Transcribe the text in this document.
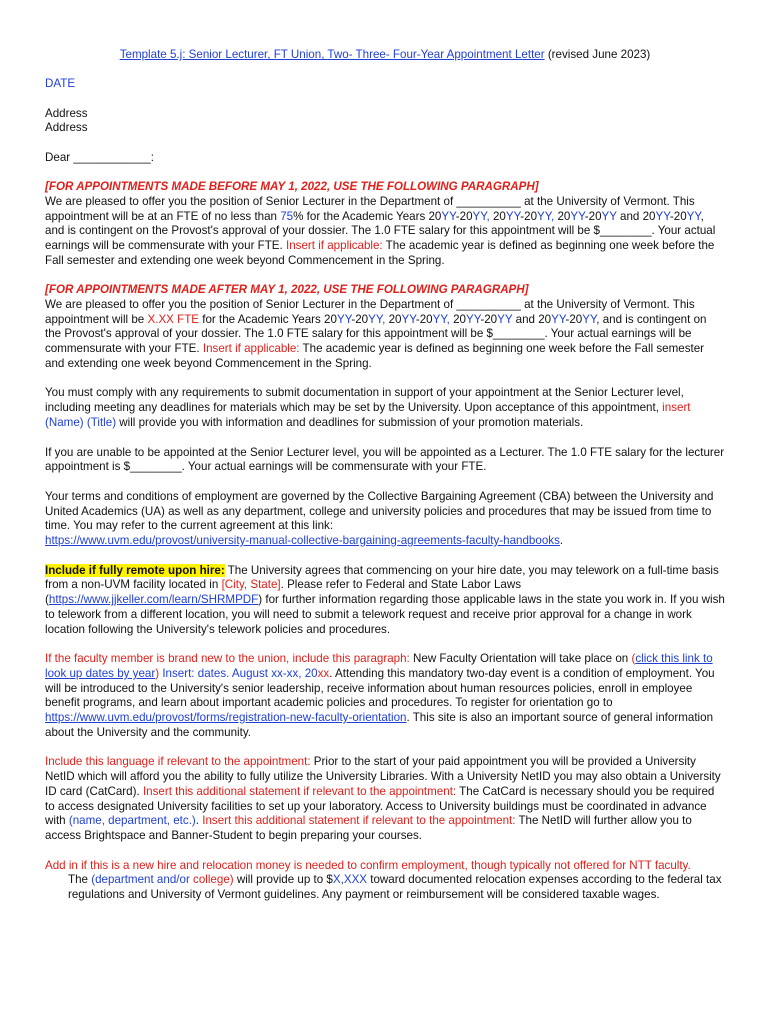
Template 5.j: Senior Lecturer, FT Union, Two- Three- Four-Year Appointment Letter (revised June 2023)

DATE

Address

Address

Dear ____________:

[FOR APPOINTMENTS MADE BEFORE MAY 1, 2022, USE THE FOLLOWING PARAGRAPH]

We are pleased to offer you the position of Senior Lecturer in the Department of __________ at the University of Vermont. This appointment will be at an FTE of no less than 75% for the Academic Years 20YY-20YY, 20YY-20YY, 20YY-20YY and 20YY-20YY, and is contingent on the Provost's approval of your dossier. The 1.0 FTE salary for this appointment will be $________. Your actual earnings will be commensurate with your FTE. Insert if applicable: The academic year is defined as beginning one week before the Fall semester and extending one week beyond Commencement in the Spring.

[FOR APPOINTMENTS MADE AFTER MAY 1, 2022, USE THE FOLLOWING PARAGRAPH]

We are pleased to offer you the position of Senior Lecturer in the Department of __________ at the University of Vermont. This appointment will be X.XX FTE for the Academic Years 20YY-20YY, 20YY-20YY, 20YY-20YY and 20YY-20YY, and is contingent on the Provost's approval of your dossier. The 1.0 FTE salary for this appointment will be $________. Your actual earnings will be commensurate with your FTE. Insert if applicable: The academic year is defined as beginning one week before the Fall semester and extending one week beyond Commencement in the Spring.

You must comply with any requirements to submit documentation in support of your appointment at the Senior Lecturer level, including meeting any deadlines for materials which may be set by the University. Upon acceptance of this appointment, insert (Name) (Title) will provide you with information and deadlines for submission of your promotion materials.

If you are unable to be appointed at the Senior Lecturer level, you will be appointed as a Lecturer. The 1.0 FTE salary for the lecturer appointment is $________. Your actual earnings will be commensurate with your FTE.

Your terms and conditions of employment are governed by the Collective Bargaining Agreement (CBA) between the University and United Academics (UA) as well as any department, college and university policies and procedures that may be issued from time to time. You may refer to the current agreement at this link:
https://www.uvm.edu/provost/university-manual-collective-bargaining-agreements-faculty-handbooks.

Include if fully remote upon hire: The University agrees that commencing on your hire date, you may telework on a full-time basis from a non-UVM facility located in [City, State]. Please refer to Federal and State Labor Laws (https://www.jjkeller.com/learn/SHRMPDF) for further information regarding those applicable laws in the state you work in. If you wish to telework from a different location, you will need to submit a telework request and receive prior approval for a change in work location following the University's telework policies and procedures.

If the faculty member is brand new to the union, include this paragraph: New Faculty Orientation will take place on (click this link to look up dates by year) Insert: dates. August xx-xx, 20xx. Attending this mandatory two-day event is a condition of employment. You will be introduced to the University's senior leadership, receive information about human resources policies, enroll in employee benefit programs, and learn about important academic policies and procedures. To register for orientation go to https://www.uvm.edu/provost/forms/registration-new-faculty-orientation. This site is also an important source of general information about the University and the community.

Include this language if relevant to the appointment: Prior to the start of your paid appointment you will be provided a University NetID which will afford you the ability to fully utilize the University Libraries. With a University NetID you may also obtain a University ID card (CatCard). Insert this additional statement if relevant to the appointment: The CatCard is necessary should you be required to access designated University facilities to set up your laboratory. Access to University buildings must be coordinated in advance with (name, department, etc.). Insert this additional statement if relevant to the appointment: The NetID will further allow you to access Brightspace and Banner-Student to begin preparing your courses.

Add in if this is a new hire and relocation money is needed to confirm employment, though typically not offered for NTT faculty.

The (department and/or college) will provide up to $X,XXX toward documented relocation expenses according to the federal tax regulations and University of Vermont guidelines. Any payment or reimbursement will be considered taxable wages.
